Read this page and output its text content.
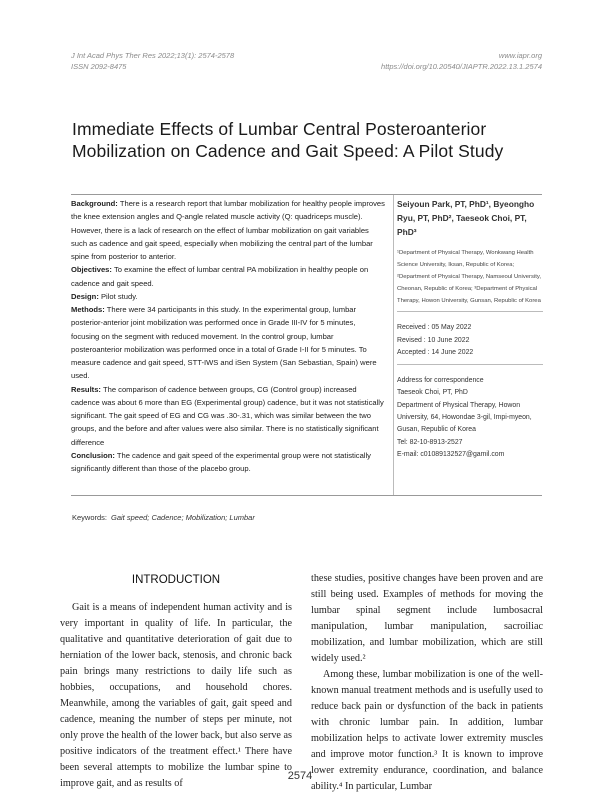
J Int Acad Phys Ther Res 2022;13(1): 2574-2578
ISSN 2092-8475
www.iapr.org
https://doi.org/10.20540/JIAPTR.2022.13.1.2574
Immediate Effects of Lumbar Central Posteroanterior Mobilization on Cadence and Gait Speed: A Pilot Study

Background: There is a research report that lumbar mobilization for healthy people improves the knee extension angles and Q-angle related muscle activity (Q: quadriceps muscle). However, there is a lack of research on the effect of lumbar mobilization on gait variables such as cadence and gait speed, especially when mobilizing the central part of the lumbar spine from posterior to anterior.

Objectives: To examine the effect of lumbar central PA mobilization in healthy people on cadence and gait speed.

Design: Pilot study.

Methods: There were 34 participants in this study. In the experimental group, lumbar posterior-anterior joint mobilization was performed once in Grade III-IV for 5 minutes, focusing on the segment with reduced movement. In the control group, lumbar posteroanterior mobilization was performed once in a total of Grade I-II for 5 minutes. To measure cadence and gait speed, STT-IWS and iSen System (San Sebastian, Spain) were used.

Results: The comparison of cadence between groups, CG (Control group) increased cadence was about 6 more than EG (Experimental group) cadence, but it was not statistically significant. The gait speed of EG and CG was .30-.31, which was similar between the two groups, and the before and after values were also similar. There is no statistically significant difference

Conclusion: The cadence and gait speed of the experimental group were not statistically significantly different than those of the placebo group.

Seiyoun Park, PT, PhD¹, Byeongho Ryu, PT, PhD², Taeseok Choi, PT, PhD³
¹Department of Physical Therapy, Wonkwang Health Science University, Iksan, Republic of Korea; ²Department of Physical Therapy, Namseoul University, Cheonan, Republic of Korea; ³Department of Physical Therapy, Howon University, Gunsan, Republic of Korea
Received : 05 May 2022
Revised : 10 June 2022
Accepted : 14 June 2022
Address for correspondence
Taeseok Choi, PT, PhD
Department of Physical Therapy, Howon University, 64, Howondae 3-gil, Impi-myeon, Gusan, Republic of Korea
Tel: 82-10-8913-2527
E-mail: c01089132527@gamil.com
Keywords: Gait speed; Cadence; Mobilization; Lumbar
INTRODUCTION

Gait is a means of independent human activity and is very important in quality of life. In particular, the qualitative and quantitative deterioration of gait due to herniation of the lower back, stenosis, and chronic back pain brings many restrictions to daily life such as hobbies, occupations, and household chores. Meanwhile, among the variables of gait, gait speed and cadence, meaning the number of steps per minute, not only prove the health of the lower back, but also serve as positive indicators of the treatment effect.¹ There have been several attempts to mobilize the lumbar spine to improve gait, and as results of

these studies, positive changes have been proven and are still being used. Examples of methods for moving the lumbar spinal segment include lumbosacral manipulation, lumbar manipulation, sacroiliac mobilization, and lumbar mobilization, which are still widely used.²

Among these, lumbar mobilization is one of the well-known manual treatment methods and is usefully used to reduce back pain or dysfunction of the back in patients with chronic lumbar pain. In addition, lumbar mobilization helps to activate lower extremity muscles and improve motor function.³ It is known to improve lower extremity endurance, coordination, and balance ability.⁴ In particular, Lumbar

2574
